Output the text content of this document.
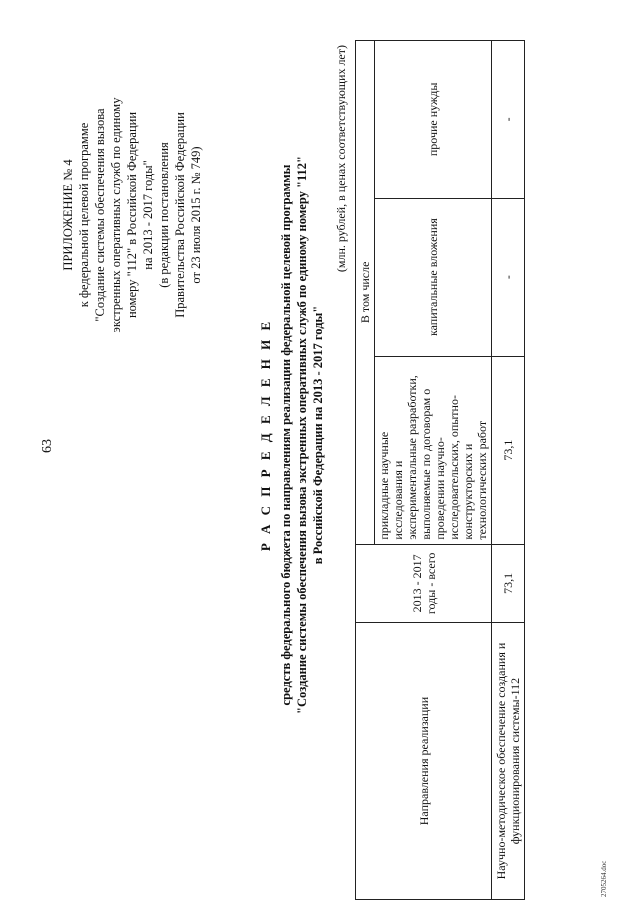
63
ПРИЛОЖЕНИЕ № 4 к федеральной целевой программе "Создание системы обеспечения вызова экстренных оперативных служб по единому номеру "112" в Российской Федерации на 2013 - 2017 годы" (в редакции постановления Правительства Российской Федерации от 23 июля 2015 г. № 749)
Р А С П Р Е Д Е Л Е Н И Е средств федерального бюджета по направлениям реализации федеральной целевой программы "Создание системы обеспечения вызова экстренных оперативных служб по единому номеру "112" в Российской Федерации на 2013 - 2017 годы"
(млн. рублей, в ценах соответствующих лет)
Направления реализации	2013 - 2017 годы - всего	В том числе		
		прикладные научные исследования и экспериментальные разработки, выполняемые по договорам о проведении научно-исследовательских, опытно-конструкторских и технологических работ	капитальные вложения	прочие нужды
Научно-методическое обеспечение создания и функционирования системы-112	73,1	73,1	-	-
2705264.doc
